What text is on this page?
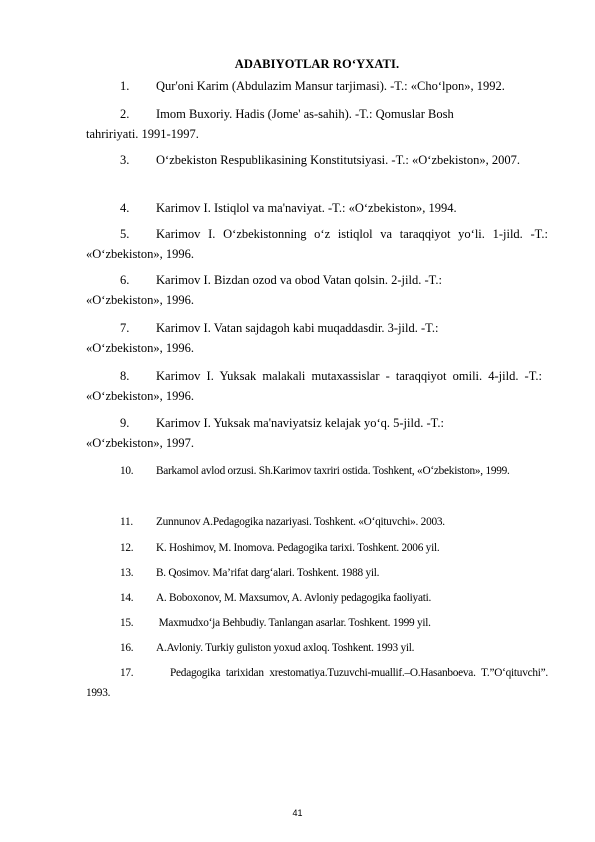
ADABIYOTLAR RO‘YXATI.
1.	Qur'oni Karim (Abdulazim Mansur tarjimasi). -T.: «Cho‘lpon», 1992.
2.	Imom Buxoriy. Hadis (Jome' as-sahih). -T.: Qomuslar Bosh tahririyati. 1991-1997.
3.	O‘zbekiston Respublikasining Konstitutsiyasi. -T.: «O‘zbekiston», 2007.
4.	Karimov I. Istiqlol va ma'naviyat. -T.: «O‘zbekiston», 1994.
5.	Karimov I. O‘zbekistonning o‘z istiqlol va taraqqiyot yo‘li. 1-jild. -T.: «O‘zbekiston», 1996.
6.	Karimov I. Bizdan ozod va obod Vatan qolsin. 2-jild. -T.: «O‘zbekiston», 1996.
7.	Karimov I. Vatan sajdagoh kabi muqaddasdir. 3-jild. -T.: «O‘zbekiston», 1996.
8.	Karimov I. Yuksak malakali mutaxassislar - taraqqiyot omili. 4-jild. -T.: «O‘zbekiston», 1996.
9.	Karimov I. Yuksak ma'naviyatsiz kelajak yo‘q. 5-jild. -T.: «O‘zbekiston», 1997.
10.	Barkamol avlod orzusi. Sh.Karimov taxriri ostida. Toshkent, «O‘zbekiston», 1999.
11.	Zunnunov A.Pedagogika nazariyasi. Toshkent. «O‘qituvchi». 2003.
12.	K. Hoshimov, M. Inomova. Pedagogika tarixi. Toshkent. 2006 yil.
13.	B. Qosimov. Ma’rifat darg‘alari. Toshkent. 1988 yil.
14.	A. Boboxonov, M. Maxsumov, A. Avloniy pedagogika faoliyati.
15.	Maxmudxo‘ja Behbudiy. Tanlangan asarlar. Toshkent. 1999 yil.
16.	A.Avloniy. Turkiy guliston yoxud axloq. Toshkent. 1993 yil.
17.	Pedagogika tarixidan xrestomatiya.Tuzuvchi-muallif.–O.Hasanboeva. T.”O‘qituvchi”. 1993.
41
